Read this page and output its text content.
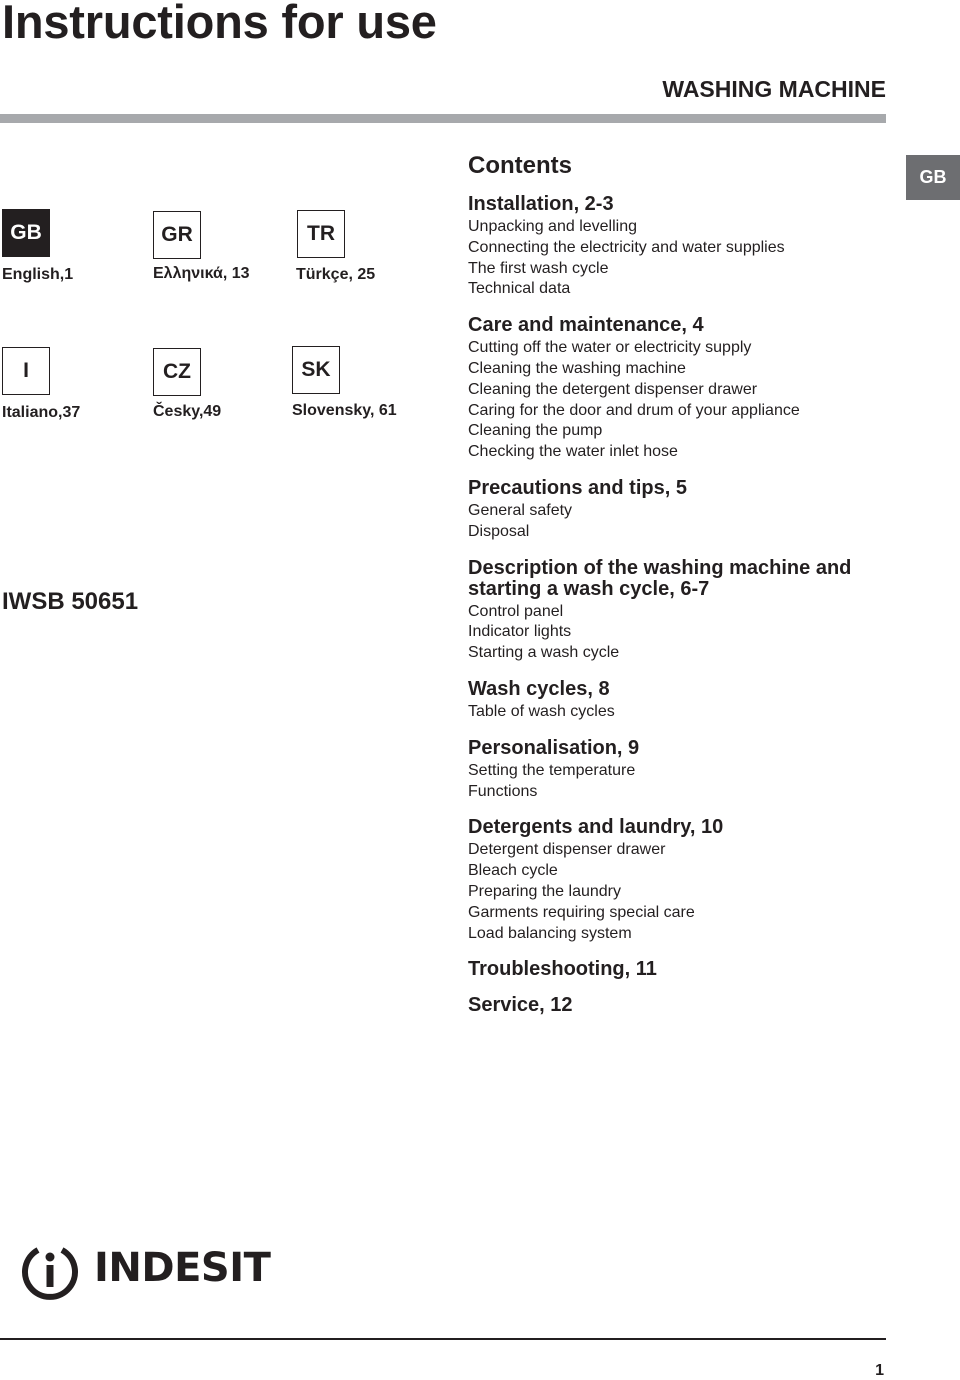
Instructions for use
WASHING MACHINE
GB
GB
English,1
GR
Ελληνικά, 13
TR
Türkçe, 25
I
Italiano,37
CZ
Česky,49
SK
Slovensky, 61
IWSB 50651
Contents
Installation, 2-3
Unpacking and levelling
Connecting the electricity and water supplies
The first wash cycle
Technical data
Care and maintenance, 4
Cutting off the water or electricity supply
Cleaning the washing machine
Cleaning the detergent dispenser drawer
Caring for the door and drum of your appliance
Cleaning the pump
Checking the water inlet hose
Precautions and tips, 5
General safety
Disposal
Description of the washing machine and starting a wash cycle, 6-7
Control panel
Indicator lights
Starting a wash cycle
Wash cycles, 8
Table of wash cycles
Personalisation, 9
Setting the temperature
Functions
Detergents and laundry, 10
Detergent dispenser drawer
Bleach cycle
Preparing the laundry
Garments requiring special care
Load balancing system
Troubleshooting, 11
Service, 12
INDESIT
1
